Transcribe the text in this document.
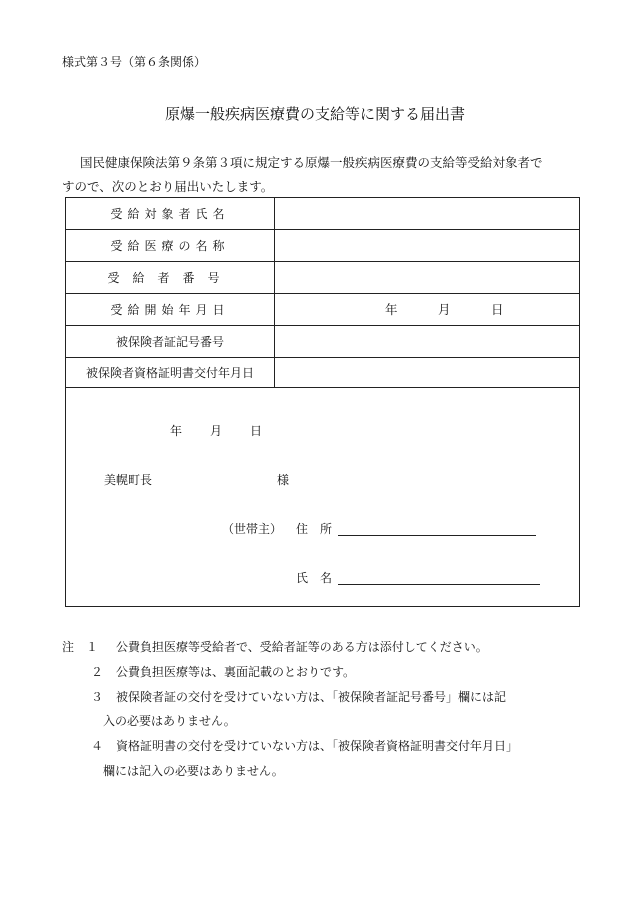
様式第３号（第６条関係）
原爆一般疾病医療費の支給等に関する届出書
国民健康保険法第９条第３項に規定する原爆一般疾病医療費の支給等受給対象者で
すので、次のとおり届出いたします。
受給対象者氏名
受給医療の名称
受給者番号
受給開始年月日	年	月	日
被保険者証記号番号
被保険者資格証明書交付年月日
年 月 日
美幌町長	様
（世帯主） 住　所
氏　名
注　１ 公費負担医療等受給者で、受給者証等のある方は添付してください。
２ 公費負担医療等は、裏面記載のとおりです。
３ 被保険者証の交付を受けていない方は、「被保険者証記号番号」欄には記
入の必要はありません。
４ 資格証明書の交付を受けていない方は、「被保険者資格証明書交付年月日」
欄には記入の必要はありません。
